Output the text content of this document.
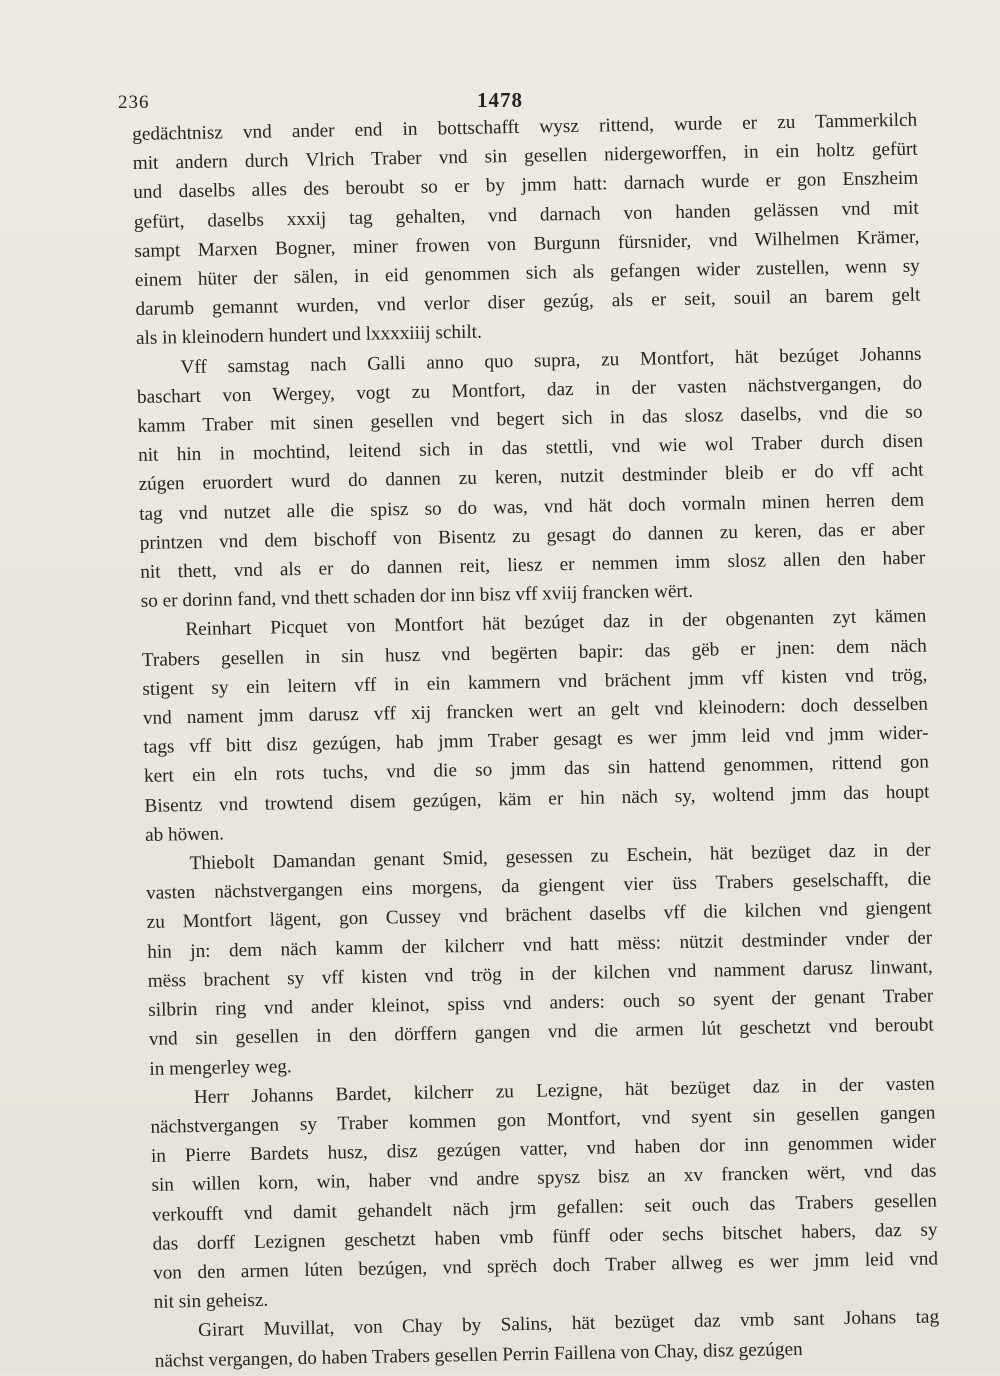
236	1478
gedächtnisz vnd ander end in bottschafft wysz rittend, wurde er zu Tammerkilch
mit andern durch Vlrich Traber vnd sin gesellen nidergeworffen, in ein holtz gefürt
und daselbs alles des beroubt so er by jmm hatt: darnach wurde er gon Enszheim
gefürt, daselbs xxxij tag gehalten, vnd darnach von handen gelässen vnd mit
sampt Marxen Bogner, miner frowen von Burgunn fürsnider, vnd Wilhelmen Krämer,
einem hüter der sälen, in eid genommen sich als gefangen wider zustellen, wenn sy
darumb gemannt wurden, vnd verlor diser gezúg, als er seit, souil an barem gelt
als in kleinodern hundert und lxxxxiiij schilt.
Vff samstag nach Galli anno quo supra, zu Montfort, hät bezúget Johanns
baschart von Wergey, vogt zu Montfort, daz in der vasten nächstvergangen, do
kamm Traber mit sinen gesellen vnd begert sich in das slosz daselbs, vnd die so
nit hin in mochtind, leitend sich in das stettli, vnd wie wol Traber durch disen
zúgen eruordert wurd do dannen zu keren, nutzit destminder bleib er do vff acht
tag vnd nutzet alle die spisz so do was, vnd hät doch vormaln minen herren dem
printzen vnd dem bischoff von Bisentz zu gesagt do dannen zu keren, das er aber
nit thett, vnd als er do dannen reit, liesz er nemmen imm slosz allen den haber
so er dorinn fand, vnd thett schaden dor inn bisz vff xviij francken wërt.
Reinhart Picquet von Montfort hät bezúget daz in der obgenanten zyt kämen
Trabers gesellen in sin husz vnd begërten bapir: das gëb er jnen: dem näch
stigent sy ein leitern vff in ein kammern vnd brächent jmm vff kisten vnd trög,
vnd nament jmm darusz vff xij francken wert an gelt vnd kleinodern: doch desselben
tags vff bitt disz gezúgen, hab jmm Traber gesagt es wer jmm leid vnd jmm wider-
kert ein eln rots tuchs, vnd die so jmm das sin hattend genommen, rittend gon
Bisentz vnd trowtend disem gezúgen, käm er hin näch sy, woltend jmm das houpt
ab höwen.
Thiebolt Damandan genant Smid, gesessen zu Eschein, hät bezüget daz in der
vasten nächstvergangen eins morgens, da giengent vier üss Trabers geselschafft, die
zu Montfort lägent, gon Cussey vnd brächent daselbs vff die kilchen vnd giengent
hin jn: dem näch kamm der kilcherr vnd hatt mëss: nützit destminder vnder der
mëss brachent sy vff kisten vnd trög in der kilchen vnd namment darusz linwant,
silbrin ring vnd ander kleinot, spiss vnd anders: ouch so syent der genant Traber
vnd sin gesellen in den dörffern gangen vnd die armen lút geschetzt vnd beroubt
in mengerley weg.
Herr Johanns Bardet, kilcherr zu Lezigne, hät bezüget daz in der vasten
nächstvergangen sy Traber kommen gon Montfort, vnd syent sin gesellen gangen
in Pierre Bardets husz, disz gezúgen vatter, vnd haben dor inn genommen wider
sin willen korn, win, haber vnd andre spysz bisz an xv francken wërt, vnd das
verkoufft vnd damit gehandelt näch jrm gefallen: seit ouch das Trabers gesellen
das dorff Lezignen geschetzt haben vmb fünff oder sechs bitschet habers, daz sy
von den armen lúten bezúgen, vnd sprëch doch Traber allweg es wer jmm leid vnd
nit sin geheisz.
Girart Muvillat, von Chay by Salins, hät bezüget daz vmb sant Johans tag
nächst vergangen, do haben Trabers gesellen Perrin Faillena von Chay, disz gezúgen
